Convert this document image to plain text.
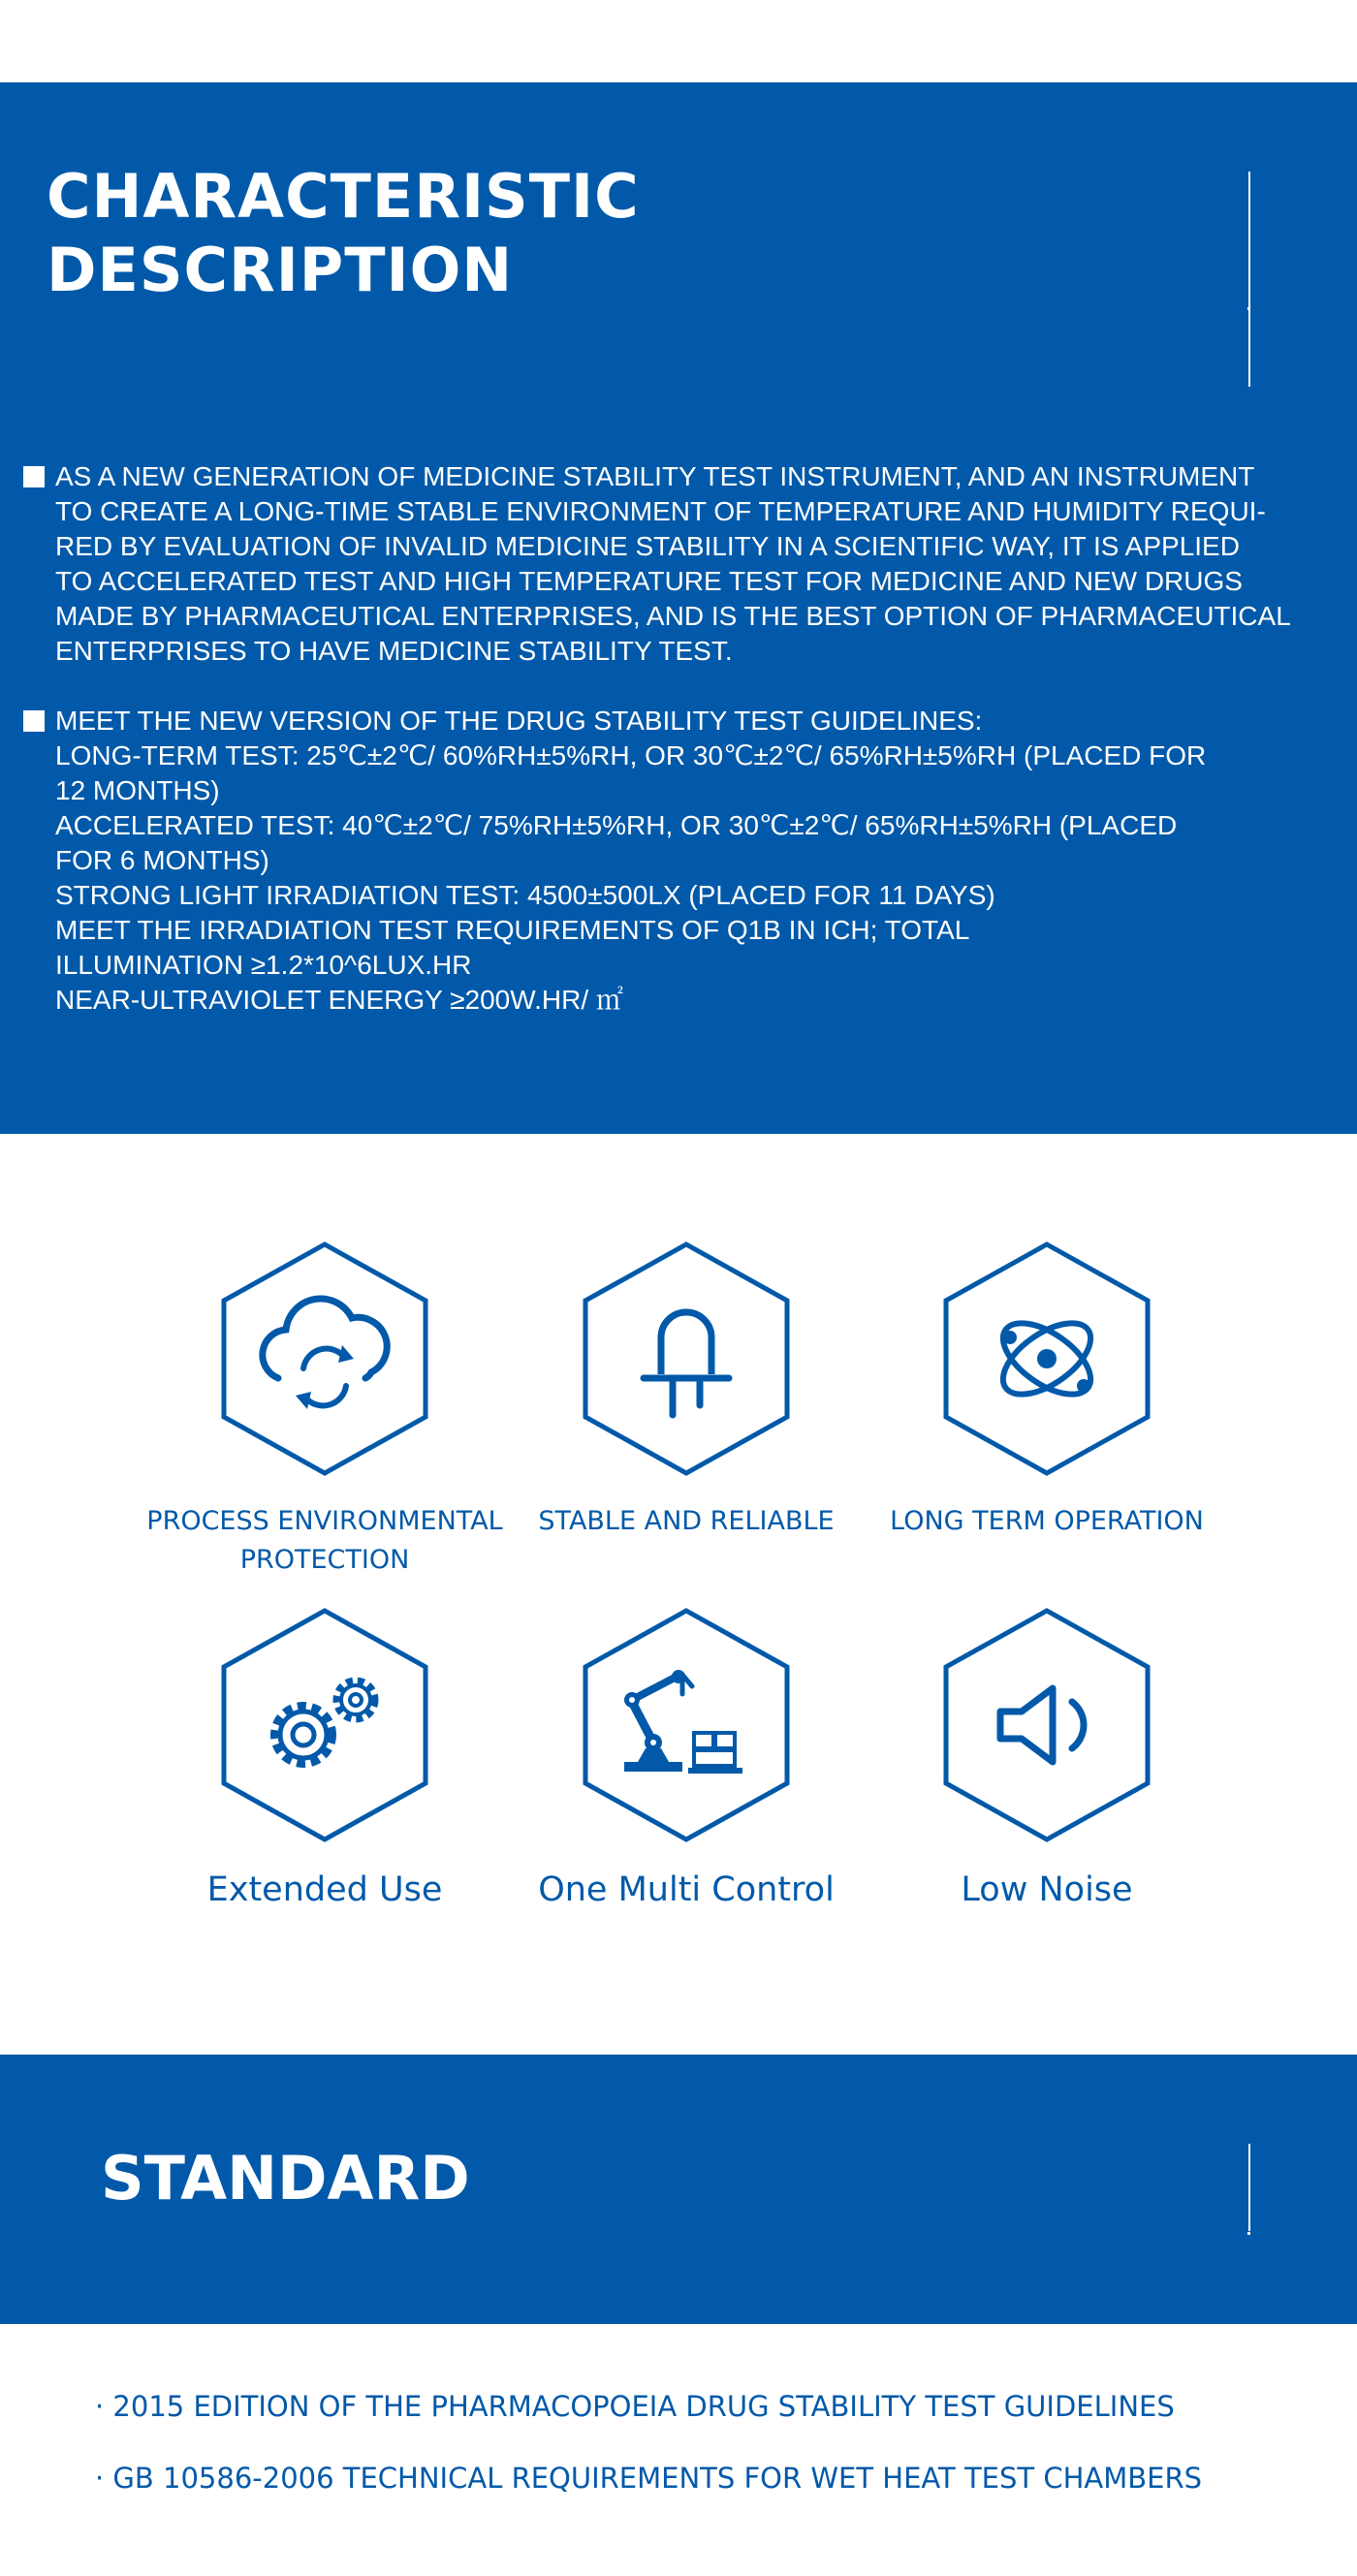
CHARACTERISTIC
DESCRIPTION
AS A NEW GENERATION OF MEDICINE STABILITY TEST INSTRUMENT, AND AN INSTRUMENT
TO CREATE A LONG-TIME STABLE ENVIRONMENT OF TEMPERATURE AND HUMIDITY REQUI-
RED BY EVALUATION OF INVALID MEDICINE STABILITY IN A SCIENTIFIC WAY, IT IS APPLIED
TO ACCELERATED TEST AND HIGH TEMPERATURE TEST FOR MEDICINE AND NEW DRUGS
MADE BY PHARMACEUTICAL ENTERPRISES, AND IS THE BEST OPTION OF PHARMACEUTICAL
ENTERPRISES TO HAVE MEDICINE STABILITY TEST.
MEET THE NEW VERSION OF THE DRUG STABILITY TEST GUIDELINES:
LONG-TERM TEST: 25℃±2℃/ 60%RH±5%RH, OR 30℃±2℃/ 65%RH±5%RH (PLACED FOR
12 MONTHS)
ACCELERATED TEST: 40℃±2℃/ 75%RH±5%RH, OR 30℃±2℃/ 65%RH±5%RH (PLACED
FOR 6 MONTHS)
STRONG LIGHT IRRADIATION TEST: 4500±500LX (PLACED FOR 11 DAYS)
MEET THE IRRADIATION TEST REQUIREMENTS OF Q1B IN ICH; TOTAL
ILLUMINATION ≥1.2*10^6LUX.HR
NEAR-ULTRAVIOLET ENERGY ≥200W.HR/ ㎡
PROCESS ENVIRONMENTAL
PROTECTION
STABLE AND RELIABLE	LONG TERM OPERATION
Extended Use	One Multi Control	Low Noise
STANDARD
· 2015 EDITION OF THE PHARMACOPOEIA DRUG STABILITY TEST GUIDELINES
· GB 10586-2006 TECHNICAL REQUIREMENTS FOR WET HEAT TEST CHAMBERS
